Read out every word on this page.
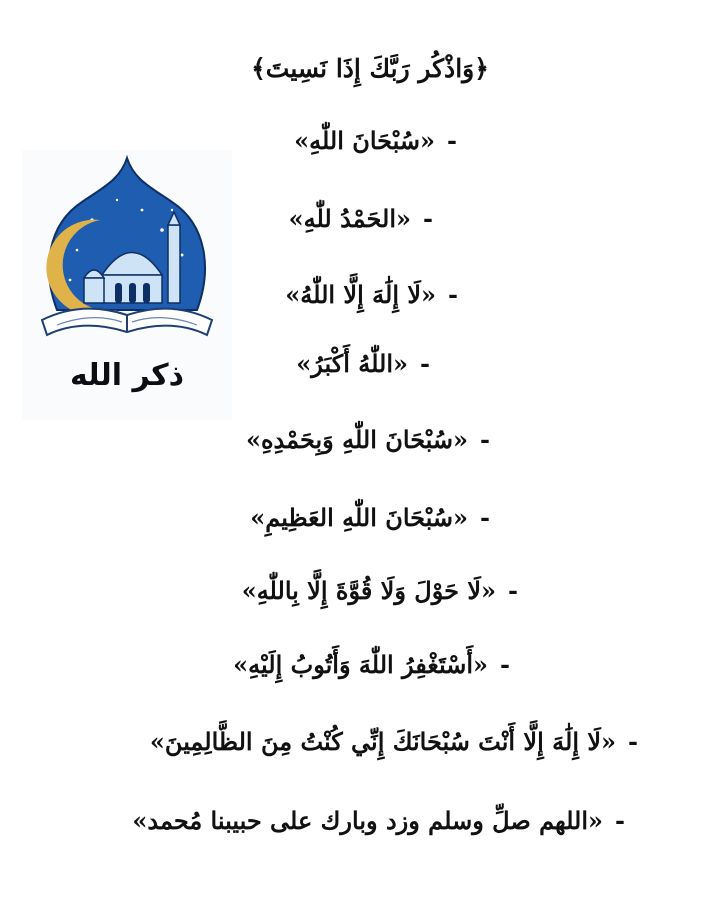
﴿وَاذْكُر رَبَّكَ إِذَا نَسِيتَ﴾
ذكر الله
-«سُبْحَانَ اللّٰهِ»
-«الحَمْدُ للّٰهِ»
-«لَا إِلَٰهَ إِلَّا اللّٰهُ»
-«اللّٰهُ أَكْبَرُ»
-«سُبْحَانَ اللّٰهِ وَبِحَمْدِهِ»
-«سُبْحَانَ اللّٰهِ العَظِيمِ»
-«لَا حَوْلَ وَلَا قُوَّةَ إِلَّا بِاللّٰهِ»
-«أَسْتَغْفِرُ اللّٰهَ وَأَتُوبُ إِلَيْهِ»
-«لَا إِلَٰهَ إِلَّا أَنْتَ سُبْحَانَكَ إِنِّي كُنْتُ مِنَ الظَّالِمِينَ»
-«اللهم صلِّ وسلم وزد وبارك على حبيبنا مُحمد»
